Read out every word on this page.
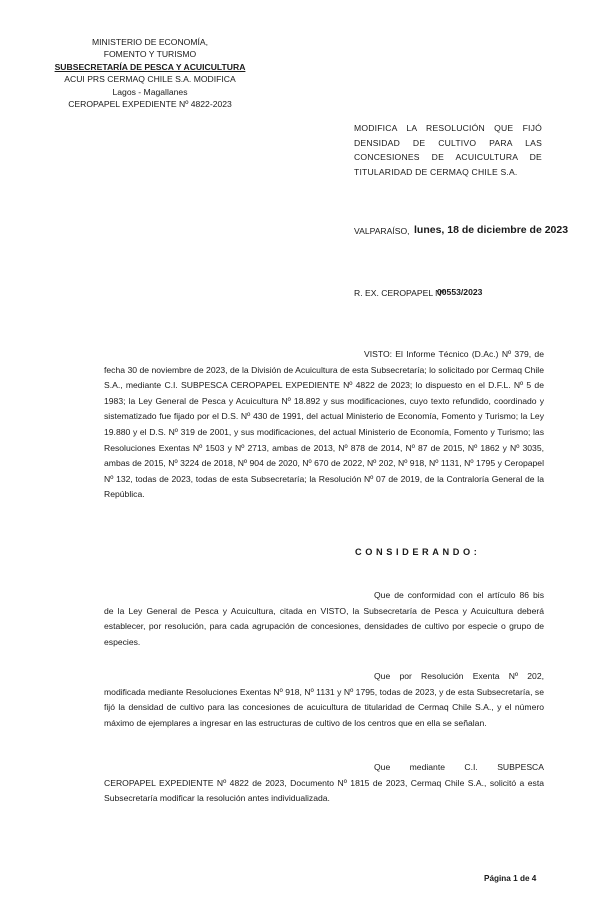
MINISTERIO DE ECONOMÍA,
FOMENTO Y TURISMO
SUBSECRETARÍA DE PESCA Y ACUICULTURA
ACUI PRS CERMAQ CHILE S.A. MODIFICA
Lagos - Magallanes
CEROPAPEL EXPEDIENTE Nº 4822-2023
MODIFICA LA RESOLUCIÓN QUE FIJÓ
DENSIDAD DE CULTIVO PARA LAS
CONCESIONES DE ACUICULTURA DE
TITULARIDAD DE CERMAQ CHILE S.A.
VALPARAÍSO, lunes, 18 de diciembre de 2023
R. EX. CEROPAPEL Nº
00553/2023

VISTO: El Informe Técnico (D.Ac.) Nº 379, de fecha 30 de noviembre de 2023, de la División de Acuicultura de esta Subsecretaría; lo solicitado por Cermaq Chile S.A., mediante C.I. SUBPESCA CEROPAPEL EXPEDIENTE Nº 4822 de 2023; lo dispuesto en el D.F.L. Nº 5 de 1983; la Ley General de Pesca y Acuicultura Nº 18.892 y sus modificaciones, cuyo texto refundido, coordinado y sistematizado fue fijado por el D.S. Nº 430 de 1991, del actual Ministerio de Economía, Fomento y Turismo; la Ley 19.880 y el D.S. Nº 319 de 2001, y sus modificaciones, del actual Ministerio de Economía, Fomento y Turismo; las Resoluciones Exentas Nº 1503 y Nº 2713, ambas de 2013, Nº 878 de 2014, Nº 87 de 2015, Nº 1862 y Nº 3035, ambas de 2015, Nº 3224 de 2018, Nº 904 de 2020, Nº 670 de 2022, Nº 202, Nº 918, Nº 1131, Nº 1795 y Ceropapel Nº 132, todas de 2023, todas de esta Subsecretaría; la Resolución Nº 07 de 2019, de la Contraloría General de la República.

CONSIDERANDO:

Que de conformidad con el artículo 86 bis de la Ley General de Pesca y Acuicultura, citada en VISTO, la Subsecretaría de Pesca y Acuicultura deberá establecer, por resolución, para cada agrupación de concesiones, densidades de cultivo por especie o grupo de especies.

Que por Resolución Exenta Nº 202, modificada mediante Resoluciones Exentas Nº 918, Nº 1131 y Nº 1795, todas de 2023, y de esta Subsecretaría, se fijó la densidad de cultivo para las concesiones de acuicultura de titularidad de Cermaq Chile S.A., y el número máximo de ejemplares a ingresar en las estructuras de cultivo de los centros que en ella se señalan.

Que mediante C.I. SUBPESCA CEROPAPEL EXPEDIENTE Nº 4822 de 2023, Documento Nº 1815 de 2023, Cermaq Chile S.A., solicitó a esta Subsecretaría modificar la resolución antes individualizada.

Página 1 de 4
